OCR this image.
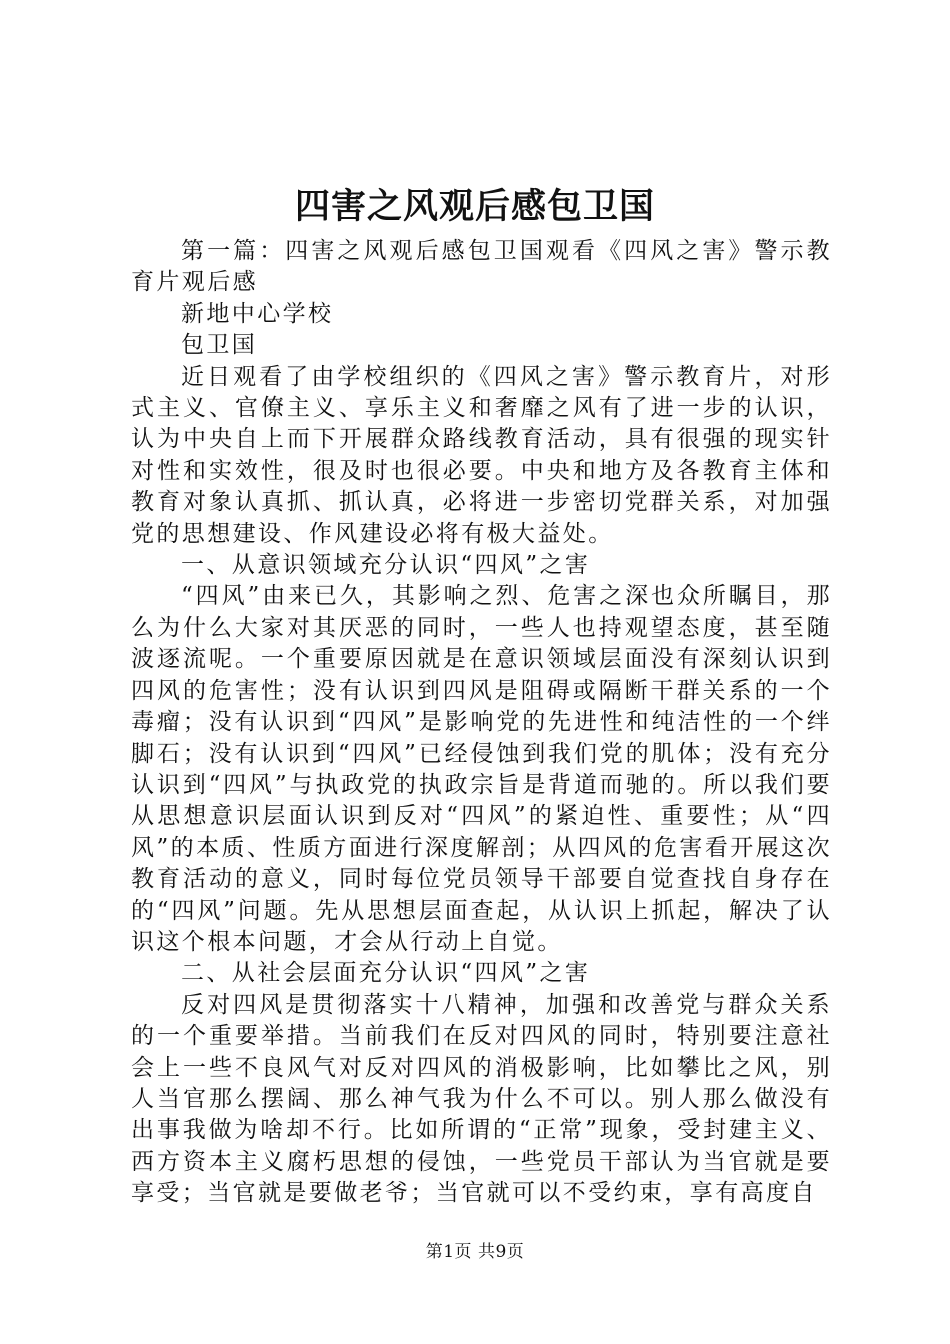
四害之风观后感包卫国

第一篇：四害之风观后感包卫国观看《四风之害》警示教育片观后感

新地中心学校

包卫国

近日观看了由学校组织的《四风之害》警示教育片，对形式主义、官僚主义、享乐主义和奢靡之风有了进一步的认识，认为中央自上而下开展群众路线教育活动，具有很强的现实针对性和实效性，很及时也很必要。中央和地方及各教育主体和教育对象认真抓、抓认真，必将进一步密切党群关系，对加强党的思想建设、作风建设必将有极大益处。

一、从意识领域充分认识“四风”之害

“四风”由来已久，其影响之烈、危害之深也众所瞩目，那么为什么大家对其厌恶的同时，一些人也持观望态度，甚至随波逐流呢。一个重要原因就是在意识领域层面没有深刻认识到四风的危害性；没有认识到四风是阻碍或隔断干群关系的一个毒瘤；没有认识到“四风”是影响党的先进性和纯洁性的一个绊脚石；没有认识到“四风”已经侵蚀到我们党的肌体；没有充分认识到“四风”与执政党的执政宗旨是背道而驰的。所以我们要从思想意识层面认识到反对“四风”的紧迫性、重要性；从“四风”的本质、性质方面进行深度解剖；从四风的危害看开展这次教育活动的意义，同时每位党员领导干部要自觉查找自身存在的“四风”问题。先从思想层面查起，从认识上抓起，解决了认识这个根本问题，才会从行动上自觉。

二、从社会层面充分认识“四风”之害

反对四风是贯彻落实十八精神，加强和改善党与群众关系的一个重要举措。当前我们在反对四风的同时，特别要注意社会上一些不良风气对反对四风的消极影响，比如攀比之风，别人当官那么摆阔、那么神气我为什么不可以。别人那么做没有出事我做为啥却不行。比如所谓的“正常”现象，受封建主义、西方资本主义腐朽思想的侵蚀，一些党员干部认为当官就是要享受；当官就是要做老爷；当官就可以不受约束，享有高度自

第1页 共9页
